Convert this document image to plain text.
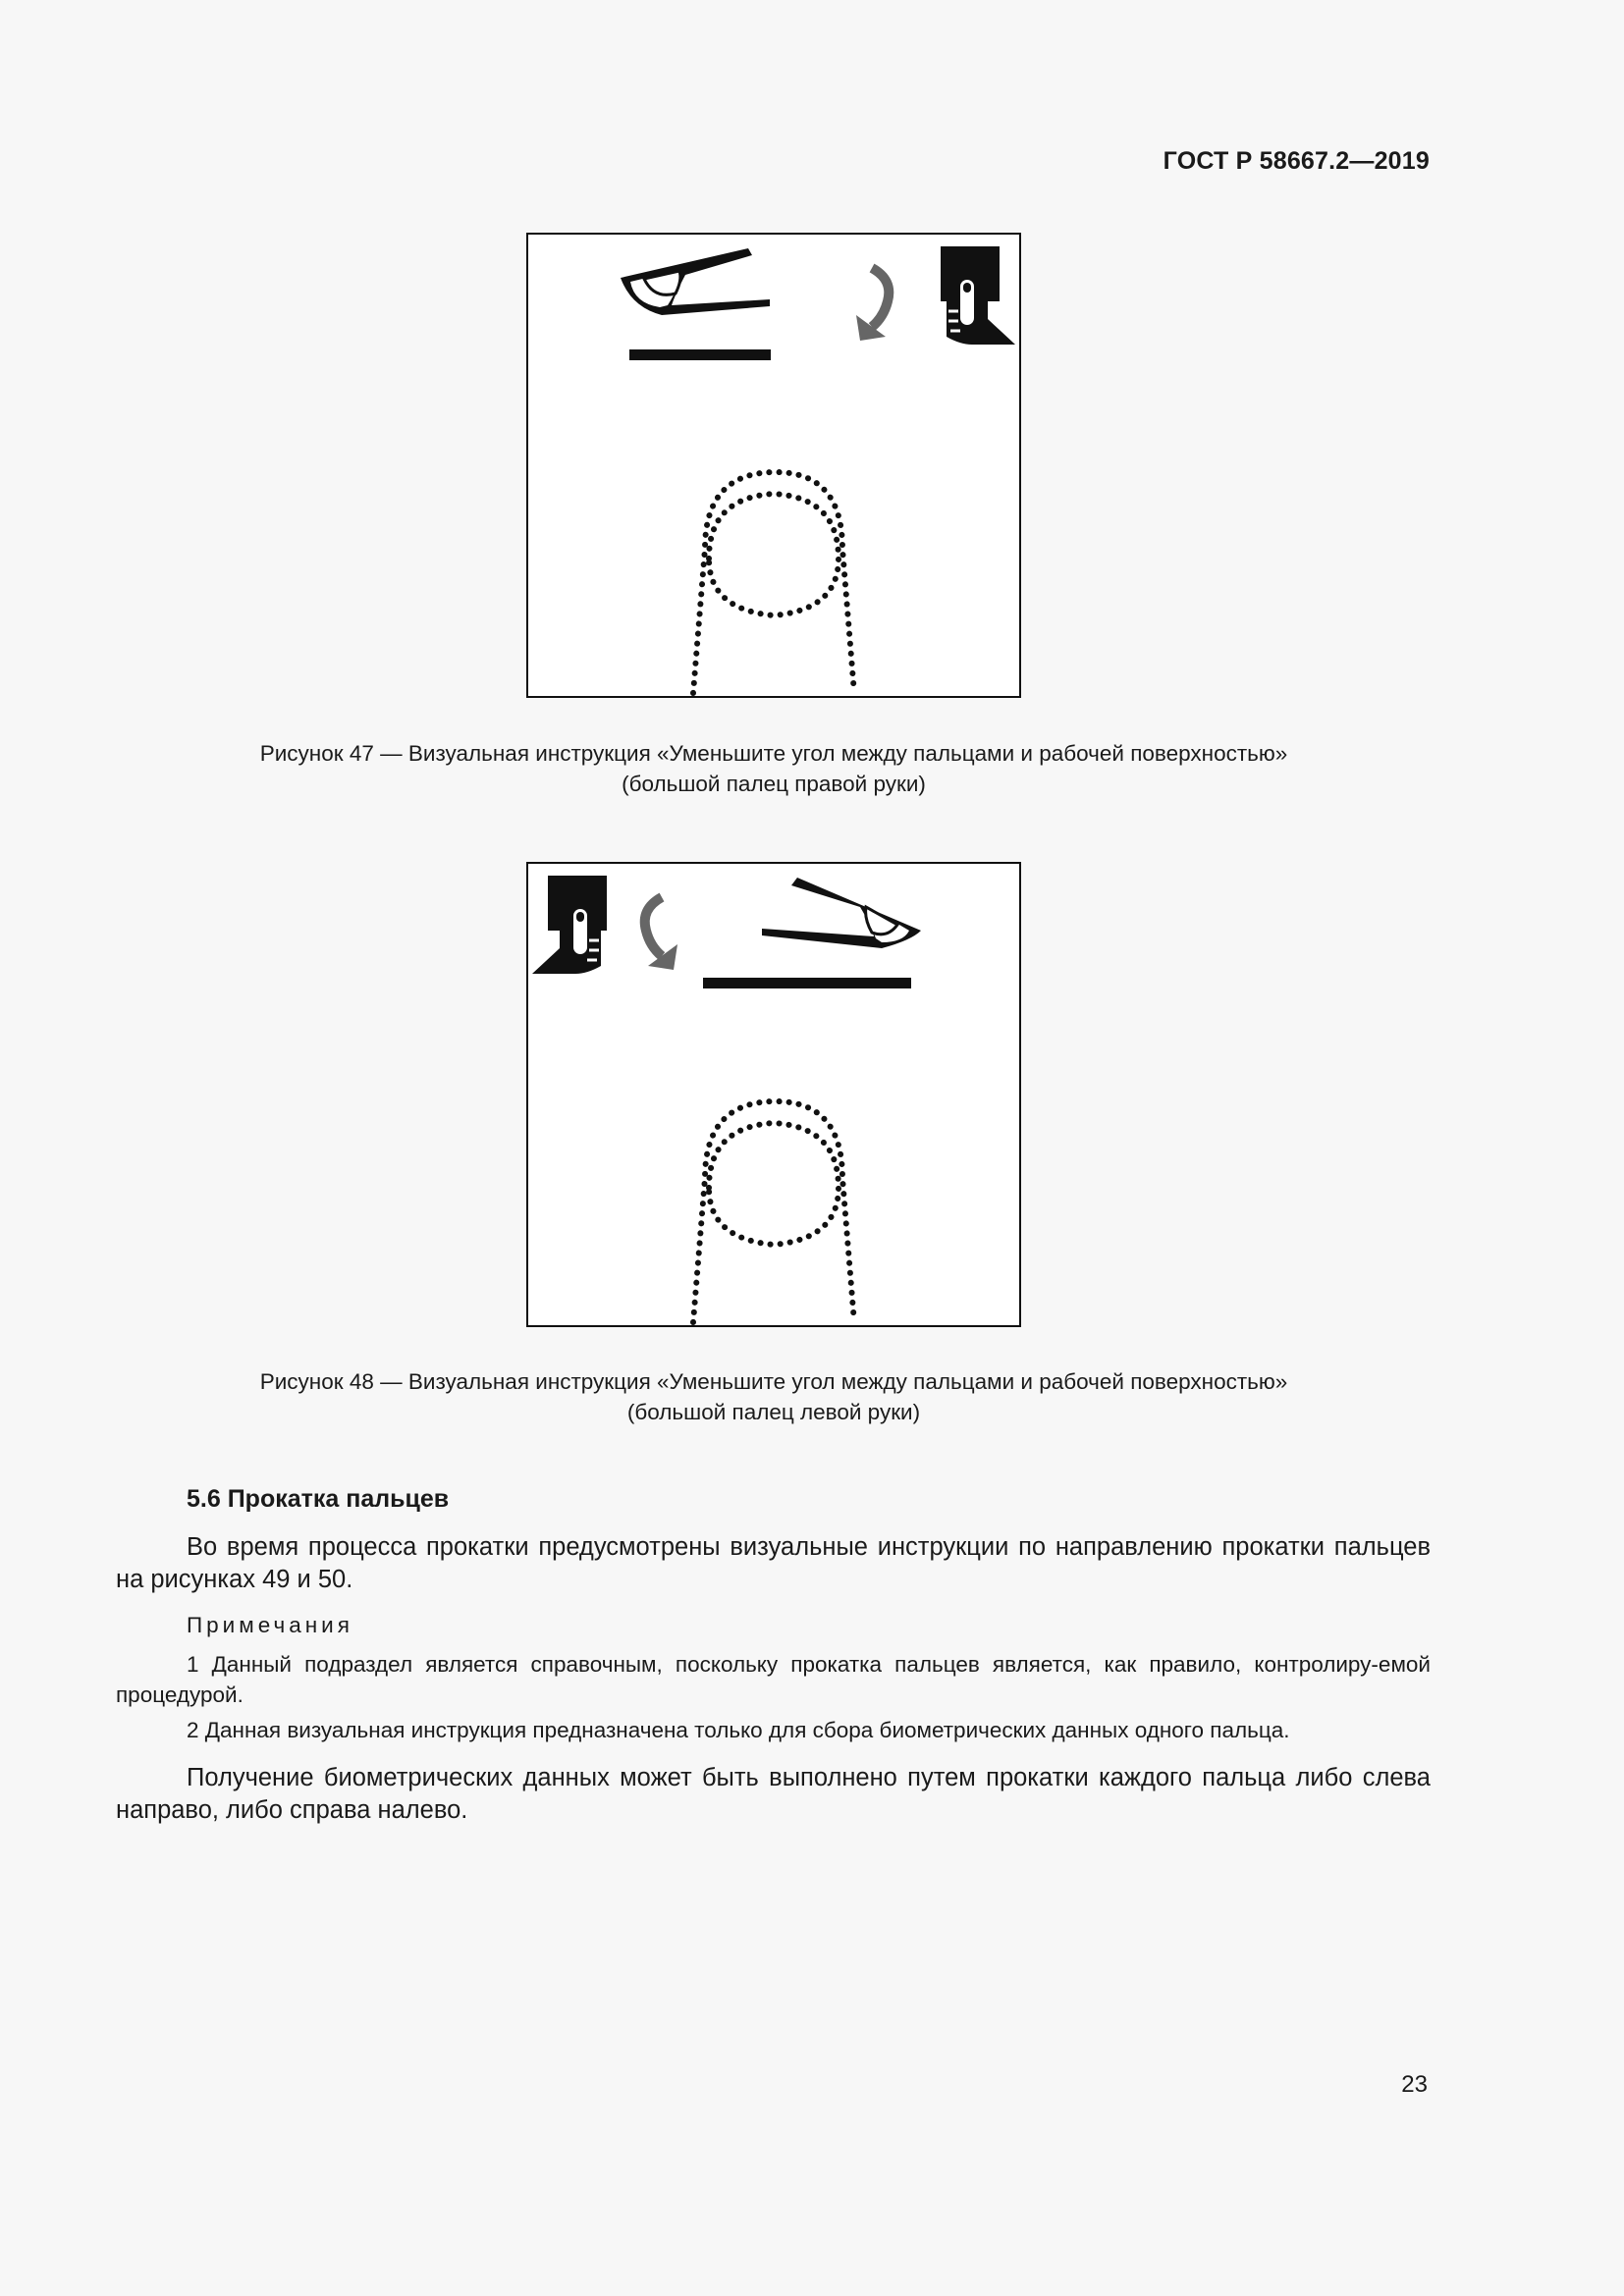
ГОСТ Р 58667.2—2019
Рисунок 47 — Визуальная инструкция «Уменьшите угол между пальцами и рабочей поверхностью»
(большой палец правой руки)
Рисунок 48 — Визуальная инструкция «Уменьшите угол между пальцами и рабочей поверхностью»
(большой палец левой руки)
5.6 Прокатка пальцев
Во время процесса прокатки предусмотрены визуальные инструкции по направлению прокатки пальцев на рисунках 49 и 50.
Примечания
1 Данный подраздел является справочным, поскольку прокатка пальцев является, как правило, контролиру-емой процедурой.
2 Данная визуальная инструкция предназначена только для сбора биометрических данных одного пальца.
Получение биометрических данных может быть выполнено путем прокатки каждого пальца либо слева направо, либо справа налево.
23
